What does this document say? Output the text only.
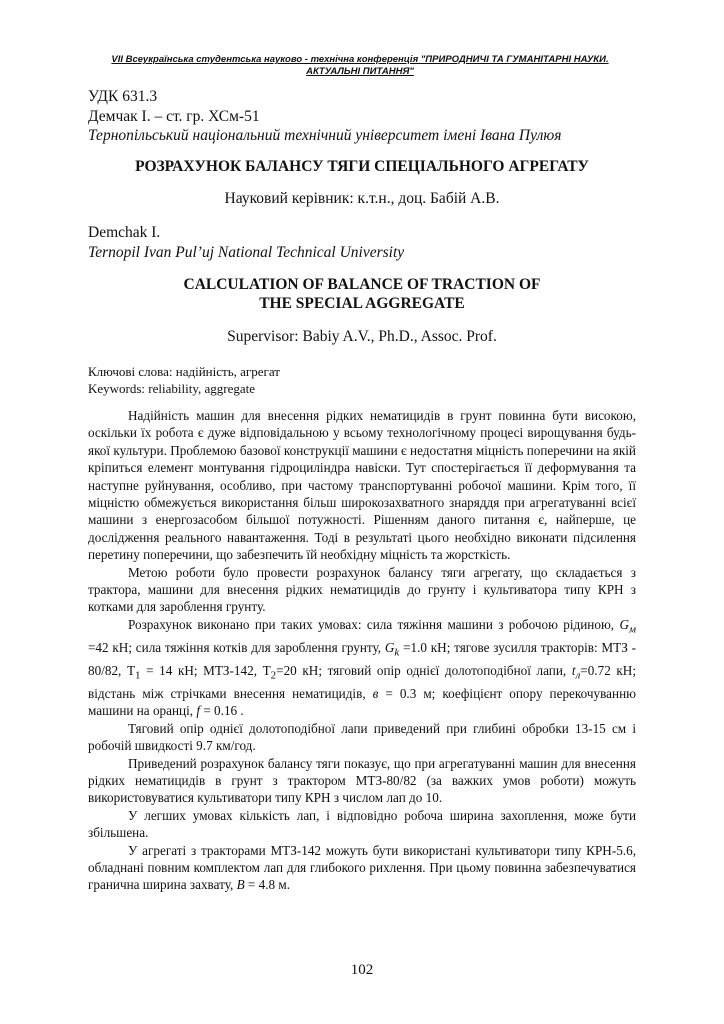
VII Всеукраїнська студентська науково - технічна конференція "ПРИРОДНИЧІ ТА ГУМАНІТАРНІ НАУКИ.
АКТУАЛЬНІ ПИТАННЯ"
УДК 631.3
Демчак І. – ст. гр. ХСм-51
Тернопільський національний технічний університет імені Івана Пулюя
РОЗРАХУНОК БАЛАНСУ ТЯГИ СПЕЦІАЛЬНОГО АГРЕГАТУ
Науковий керівник: к.т.н., доц. Бабій А.В.
Demchak I.
Ternopil Ivan Pul’uj National Technical University
CALCULATION OF BALANCE OF TRACTION OF
THE SPECIAL AGGREGATE
Supervisor: Babiy A.V., Ph.D., Assoc. Prof.
Ключові слова: надійність, агрегат
Keywords: reliability, aggregate

Надійність машин для внесення рідких нематицидів в грунт повинна бути високою, оскільки їх робота є дуже відповідальною у всьому технологічному процесі вирощування будь-якої культури. Проблемою базової конструкції машини є недостатня міцність поперечини на якій кріпиться елемент монтування гідроциліндра навіски. Тут спостерігається її деформування та наступне руйнування, особливо, при частому транспортуванні робочої машини. Крім того, її міцністю обмежується використання більш широкозахватного знаряддя при агрегатуванні всієї машини з енергозасобом більшої потужності. Рішенням даного питання є, найперше, це дослідження реального навантаження. Тоді в результаті цього необхідно виконати підсилення перетину поперечини, що забезпечить їй необхідну міцність та жорсткість.

Метою роботи було провести розрахунок балансу тяги агрегату, що складається з трактора, машини для внесення рідких нематицидів до грунту і культиватора типу КРН з котками для зароблення грунту.

Розрахунок виконано при таких умовах: сила тяжіння машини з робочою рідиною, $G_м =42$ кН; сила тяжіння котків для зароблення грунту, $G_k =1.0$ кН; тягове зусилля тракторів: МТЗ - 80/82, $T_1 = 14$ кН; МТЗ-142, $T_2=20$ кН; тяговий опір однієї долотоподібної лапи, $t_л=0.72$ кН; відстань між стрічками внесення нематицидів, в = 0.3 м; коефіцієнт опору перекочуванню машини на оранці, f = 0.16 .

Тяговий опір однієї долотоподібної лапи приведений при глибині обробки 13-15 см і робочій швидкості 9.7 км/год.

Приведений розрахунок балансу тяги показує, що при агрегатуванні машин для внесення рідких нематицидів в грунт з трактором МТЗ-80/82 (за важких умов роботи) можуть використовуватися культиватори типу КРН з числом лап до 10.

У легших умовах кількість лап, і відповідно робоча ширина захоплення, може бути збільшена.

У агрегаті з тракторами МТЗ-142 можуть бути використані культиватори типу КРН-5.6, обладнані повним комплектом лап для глибокого рихлення. При цьому повинна забезпечуватися гранична ширина захвату, B = 4.8 м.

102
